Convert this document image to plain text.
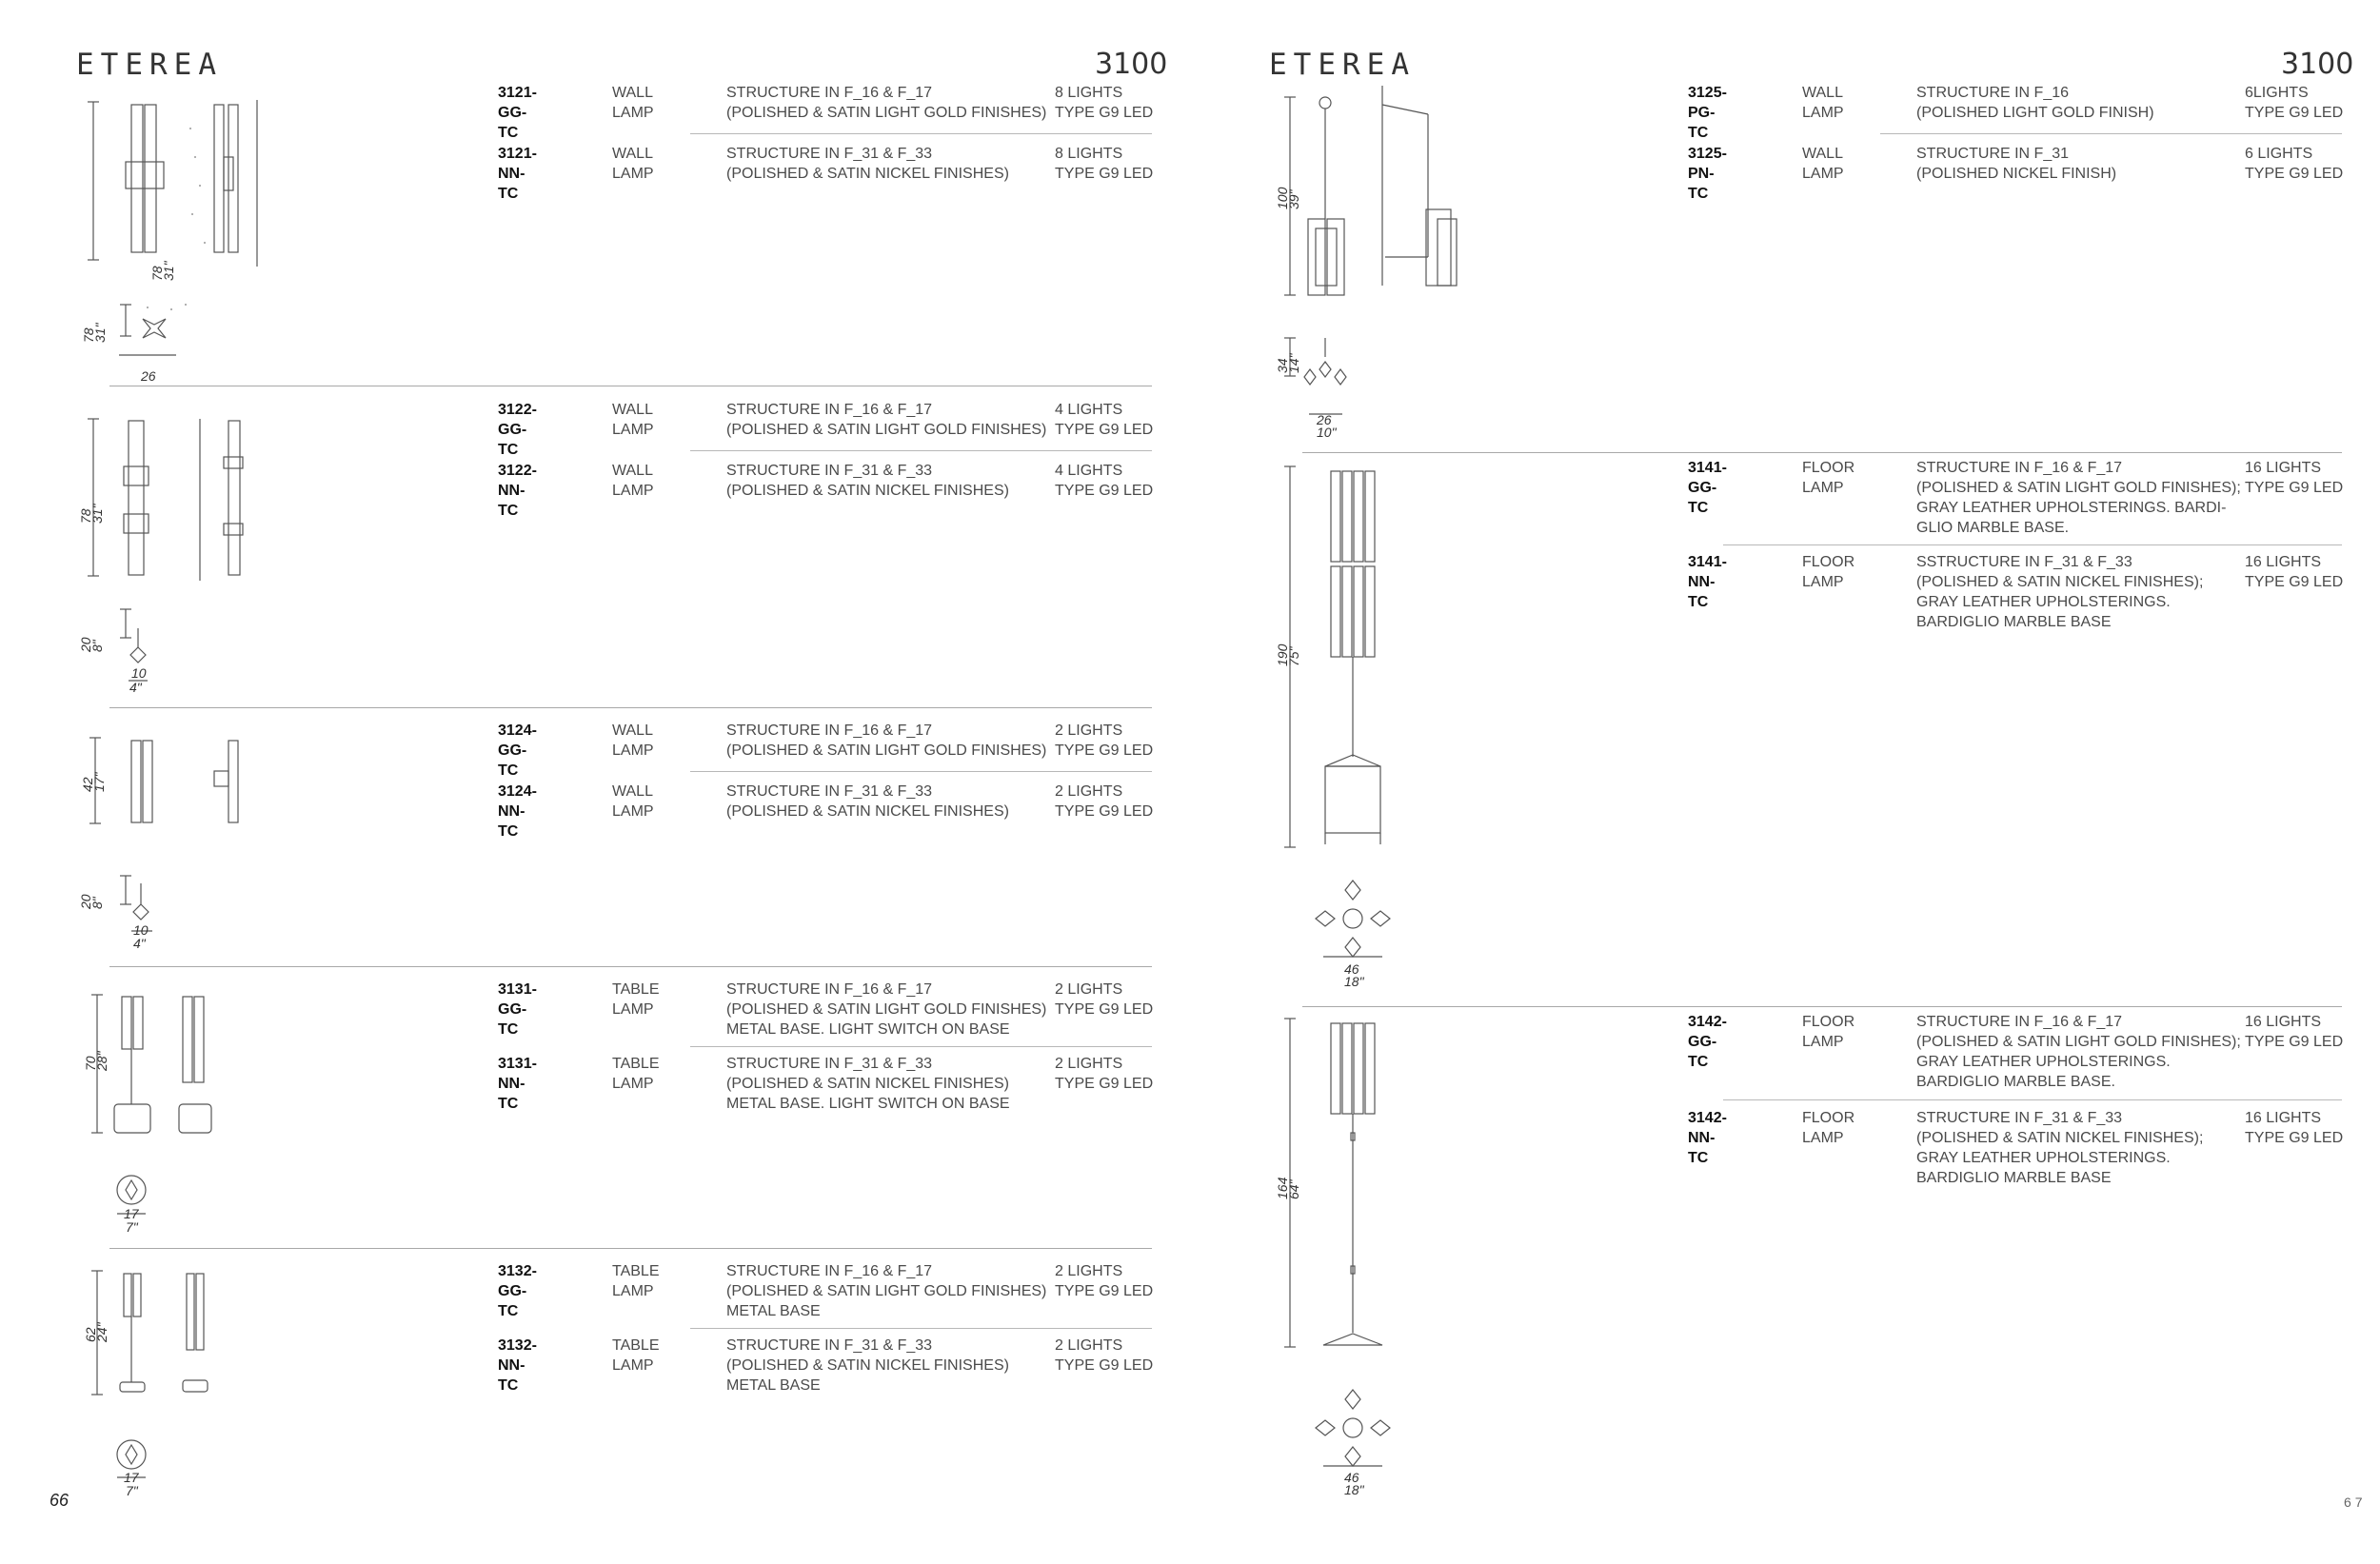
ETEREA	3100
3121-GG-TC
WALL LAMP
STRUCTURE IN F_16 & F_17
(POLISHED & SATIN LIGHT GOLD FINISHES)
8 LIGHTS
TYPE G9 LED
3121-NN-TC
WALL LAMP
STRUCTURE IN F_31 & F_33
(POLISHED & SATIN NICKEL FINISHES)
8 LIGHTS
TYPE G9 LED
78
31"
26
78
31"
3122-GG-TC
WALL LAMP
STRUCTURE IN F_16 & F_17
(POLISHED & SATIN LIGHT GOLD FINISHES)
4 LIGHTS
TYPE G9 LED
3122-NN-TC
WALL LAMP
STRUCTURE IN F_31 & F_33
(POLISHED & SATIN NICKEL FINISHES)
4 LIGHTS
TYPE G9 LED
78
31"
20
8"
10
4"
3124-GG-TC
WALL LAMP
STRUCTURE IN F_16 & F_17
(POLISHED & SATIN LIGHT GOLD FINISHES)
2 LIGHTS
TYPE G9 LED
3124-NN-TC
WALL LAMP
STRUCTURE IN F_31 & F_33
(POLISHED & SATIN NICKEL FINISHES)
2 LIGHTS
TYPE G9 LED
42
17"
20
8"
10
4"
3131-GG-TC
TABLE LAMP
STRUCTURE IN F_16 & F_17
(POLISHED & SATIN LIGHT GOLD FINISHES)
METAL BASE. LIGHT SWITCH ON BASE
2 LIGHTS
TYPE G9 LED
3131-NN-TC
TABLE LAMP
STRUCTURE IN F_31 & F_33
(POLISHED & SATIN NICKEL FINISHES)
METAL BASE. LIGHT SWITCH ON BASE
2 LIGHTS
TYPE G9 LED
70
28"
17
7"
3132-GG-TC
TABLE LAMP
STRUCTURE IN F_16 & F_17
(POLISHED & SATIN LIGHT GOLD FINISHES)
METAL BASE
2 LIGHTS
TYPE G9 LED
3132-NN-TC
TABLE LAMP
STRUCTURE IN F_31 & F_33
(POLISHED & SATIN NICKEL FINISHES)
METAL BASE
2 LIGHTS
TYPE G9 LED
62
24"
17
7"
66
ETEREA	3100
3125-PG-TC
WALL LAMP
STRUCTURE IN F_16
(POLISHED LIGHT GOLD FINISH)
6LIGHTS
TYPE G9 LED
3125-PN-TC
WALL LAMP
STRUCTURE IN F_31
(POLISHED NICKEL FINISH)
6 LIGHTS
TYPE G9 LED
100
39"
34
14"
26
10"
3141-GG-TC
FLOOR LAMP
STRUCTURE IN F_16 & F_17
(POLISHED & SATIN LIGHT GOLD FINISHES);
GRAY LEATHER UPHOLSTERINGS. BARDI-
GLIO MARBLE BASE.
16 LIGHTS
TYPE G9 LED
3141-NN-TC
FLOOR LAMP
SSTRUCTURE IN F_31 & F_33
(POLISHED & SATIN NICKEL FINISHES);
GRAY LEATHER UPHOLSTERINGS.
BARDIGLIO MARBLE BASE
16 LIGHTS
TYPE G9 LED
190
75"
46
18"
3142-GG-TC
FLOOR LAMP
STRUCTURE IN F_16 & F_17
(POLISHED & SATIN LIGHT GOLD FINISHES);
GRAY LEATHER UPHOLSTERINGS.
BARDIGLIO MARBLE BASE.
16 LIGHTS
TYPE G9 LED
3142-NN-TC
FLOOR LAMP
STRUCTURE IN F_31 & F_33
(POLISHED & SATIN NICKEL FINISHES);
GRAY LEATHER UPHOLSTERINGS.
BARDIGLIO MARBLE BASE
16 LIGHTS
TYPE G9 LED
164
64"
46
18"
67
